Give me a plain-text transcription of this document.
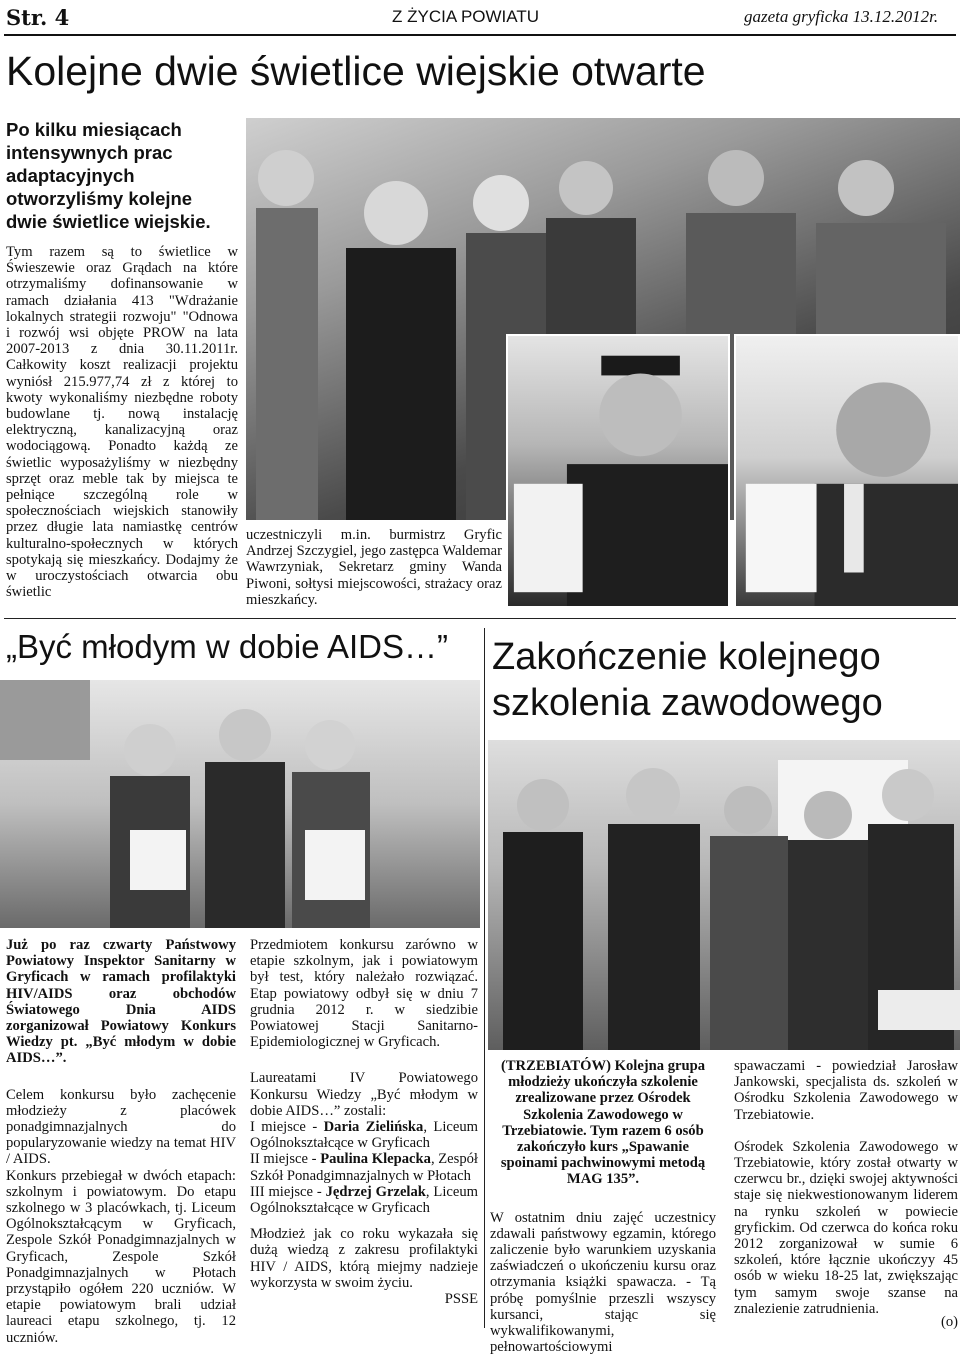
Str. 4	Z ŻYCIA POWIATU	gazeta gryficka 13.12.2012r.
Kolejne dwie świetlice wiejskie otwarte
Po kilku miesiącach intensywnych prac adaptacyjnych otworzyliśmy kolejne dwie świetlice wiejskie.

Tym razem są to świetlice w Świeszewie oraz Grądach na które otrzymaliśmy dofinansowanie w ramach działania 413 "Wdrażanie lokalnych strategii rozwoju" "Odnowa i rozwój wsi objęte PROW na lata 2007-2013 z dnia 30.11.2011r. Całkowity koszt realizacji projektu wyniósł 215.977,74 zł z której to kwoty wykonaliśmy niezbędne roboty budowlane tj. nową instalację elektryczną, kanalizacyjną oraz wodociągową. Ponadto każdą ze świetlic wyposażyliśmy w niezbędny sprzęt oraz meble tak by miejsca te pełniące szczególną role w społecznościach wiejskich stanowiły przez długie lata namiastkę centrów kulturalno-społecznych w których spotykają się mieszkańcy. Dodajmy że w uroczystościach otwarcia obu świetlic

uczestniczyli m.in. burmistrz Gryfic Andrzej Szczygiel, jego zastępca Waldemar Wawrzyniak, Sekretarz gminy Wanda Piwoni, sołtysi miejscowości, strażacy oraz mieszkańcy.

„Być młodym w dobie AIDS…”

Już po raz czwarty Państwowy Powiatowy Inspektor Sanitarny w Gryficach w ramach profilaktyki HIV/AIDS oraz obchodów Światowego Dnia AIDS zorganizował Powiatowy Konkurs Wiedzy pt. „Być młodym w dobie AIDS…”.

Celem konkursu było zachęcenie młodzieży z placówek ponadgimnazjalnych do popularyzowanie wiedzy na temat HIV / AIDS.

Konkurs przebiegał w dwóch etapach: szkolnym i powiatowym. Do etapu szkolnego w 3 placówkach, tj. Liceum Ogólnokształcącym w Gryficach, Zespole Szkół Ponadgimnazjalnych w Gryficach, Zespole Szkół Ponadgimnazjalnych w Płotach przystąpiło ogółem 220 uczniów. W etapie powiatowym brali udział laureaci etapu szkolnego, tj. 12 uczniów.

Przedmiotem konkursu zarówno w etapie szkolnym, jak i powiatowym był test, który należało rozwiązać. Etap powiatowy odbył się w dniu 7 grudnia 2012 r. w siedzibie Powiatowej Stacji Sanitarno-Epidemiologicznej w Gryficach.

Laureatami IV Powiatowego Konkursu Wiedzy „Być młodym w dobie AIDS…” zostali:

I miejsce - Daria Zielińska, Liceum Ogólnokształcące w Gryficach
II miejsce - Paulina Klepacka, Zespół Szkół Ponadgimnazjalnych w Płotach
III miejsce - Jędrzej Grzelak, Liceum Ogólnokształcące w Gryficach

Młodzież jak co roku wykazała się dużą wiedzą z zakresu profilaktyki HIV / AIDS, którą miejmy nadzieje wykorzysta w swoim życiu.

PSSE
Zakończenie kolejnego
szkolenia zawodowego

(TRZEBIATÓW) Kolejna grupa młodzieży ukończyła szkolenie zrealizowane przez Ośrodek Szkolenia Zawodowego w Trzebiatowie. Tym razem 6 osób zakończyło kurs „Spawanie spoinami pachwinowymi metodą MAG 135”.

W ostatnim dniu zajęć uczestnicy zdawali państwowy egzamin, którego zaliczenie było warunkiem uzyskania zaświadczeń o ukończeniu kursu oraz otrzymania książki spawacza. - Tą próbę pomyślnie przeszli wszyscy kursanci, stając się wykwalifikowanymi, pełnowartościowymi

spawaczami - powiedział Jarosław Jankowski, specjalista ds. szkoleń w Ośrodku Szkolenia Zawodowego w Trzebiatowie.

Ośrodek Szkolenia Zawodowego w Trzebiatowie, który został otwarty w czerwcu br., dzięki swojej aktywności staje się niekwestionowanym liderem na rynku szkoleń w powiecie gryfickim. Od czerwca do końca roku 2012 zorganizował w sumie 6 szkoleń, które łącznie ukończyy 45 osób w wieku 18-25 lat, zwiększając tym samym swoje szanse na znalezienie zatrudnienia.

(o)
